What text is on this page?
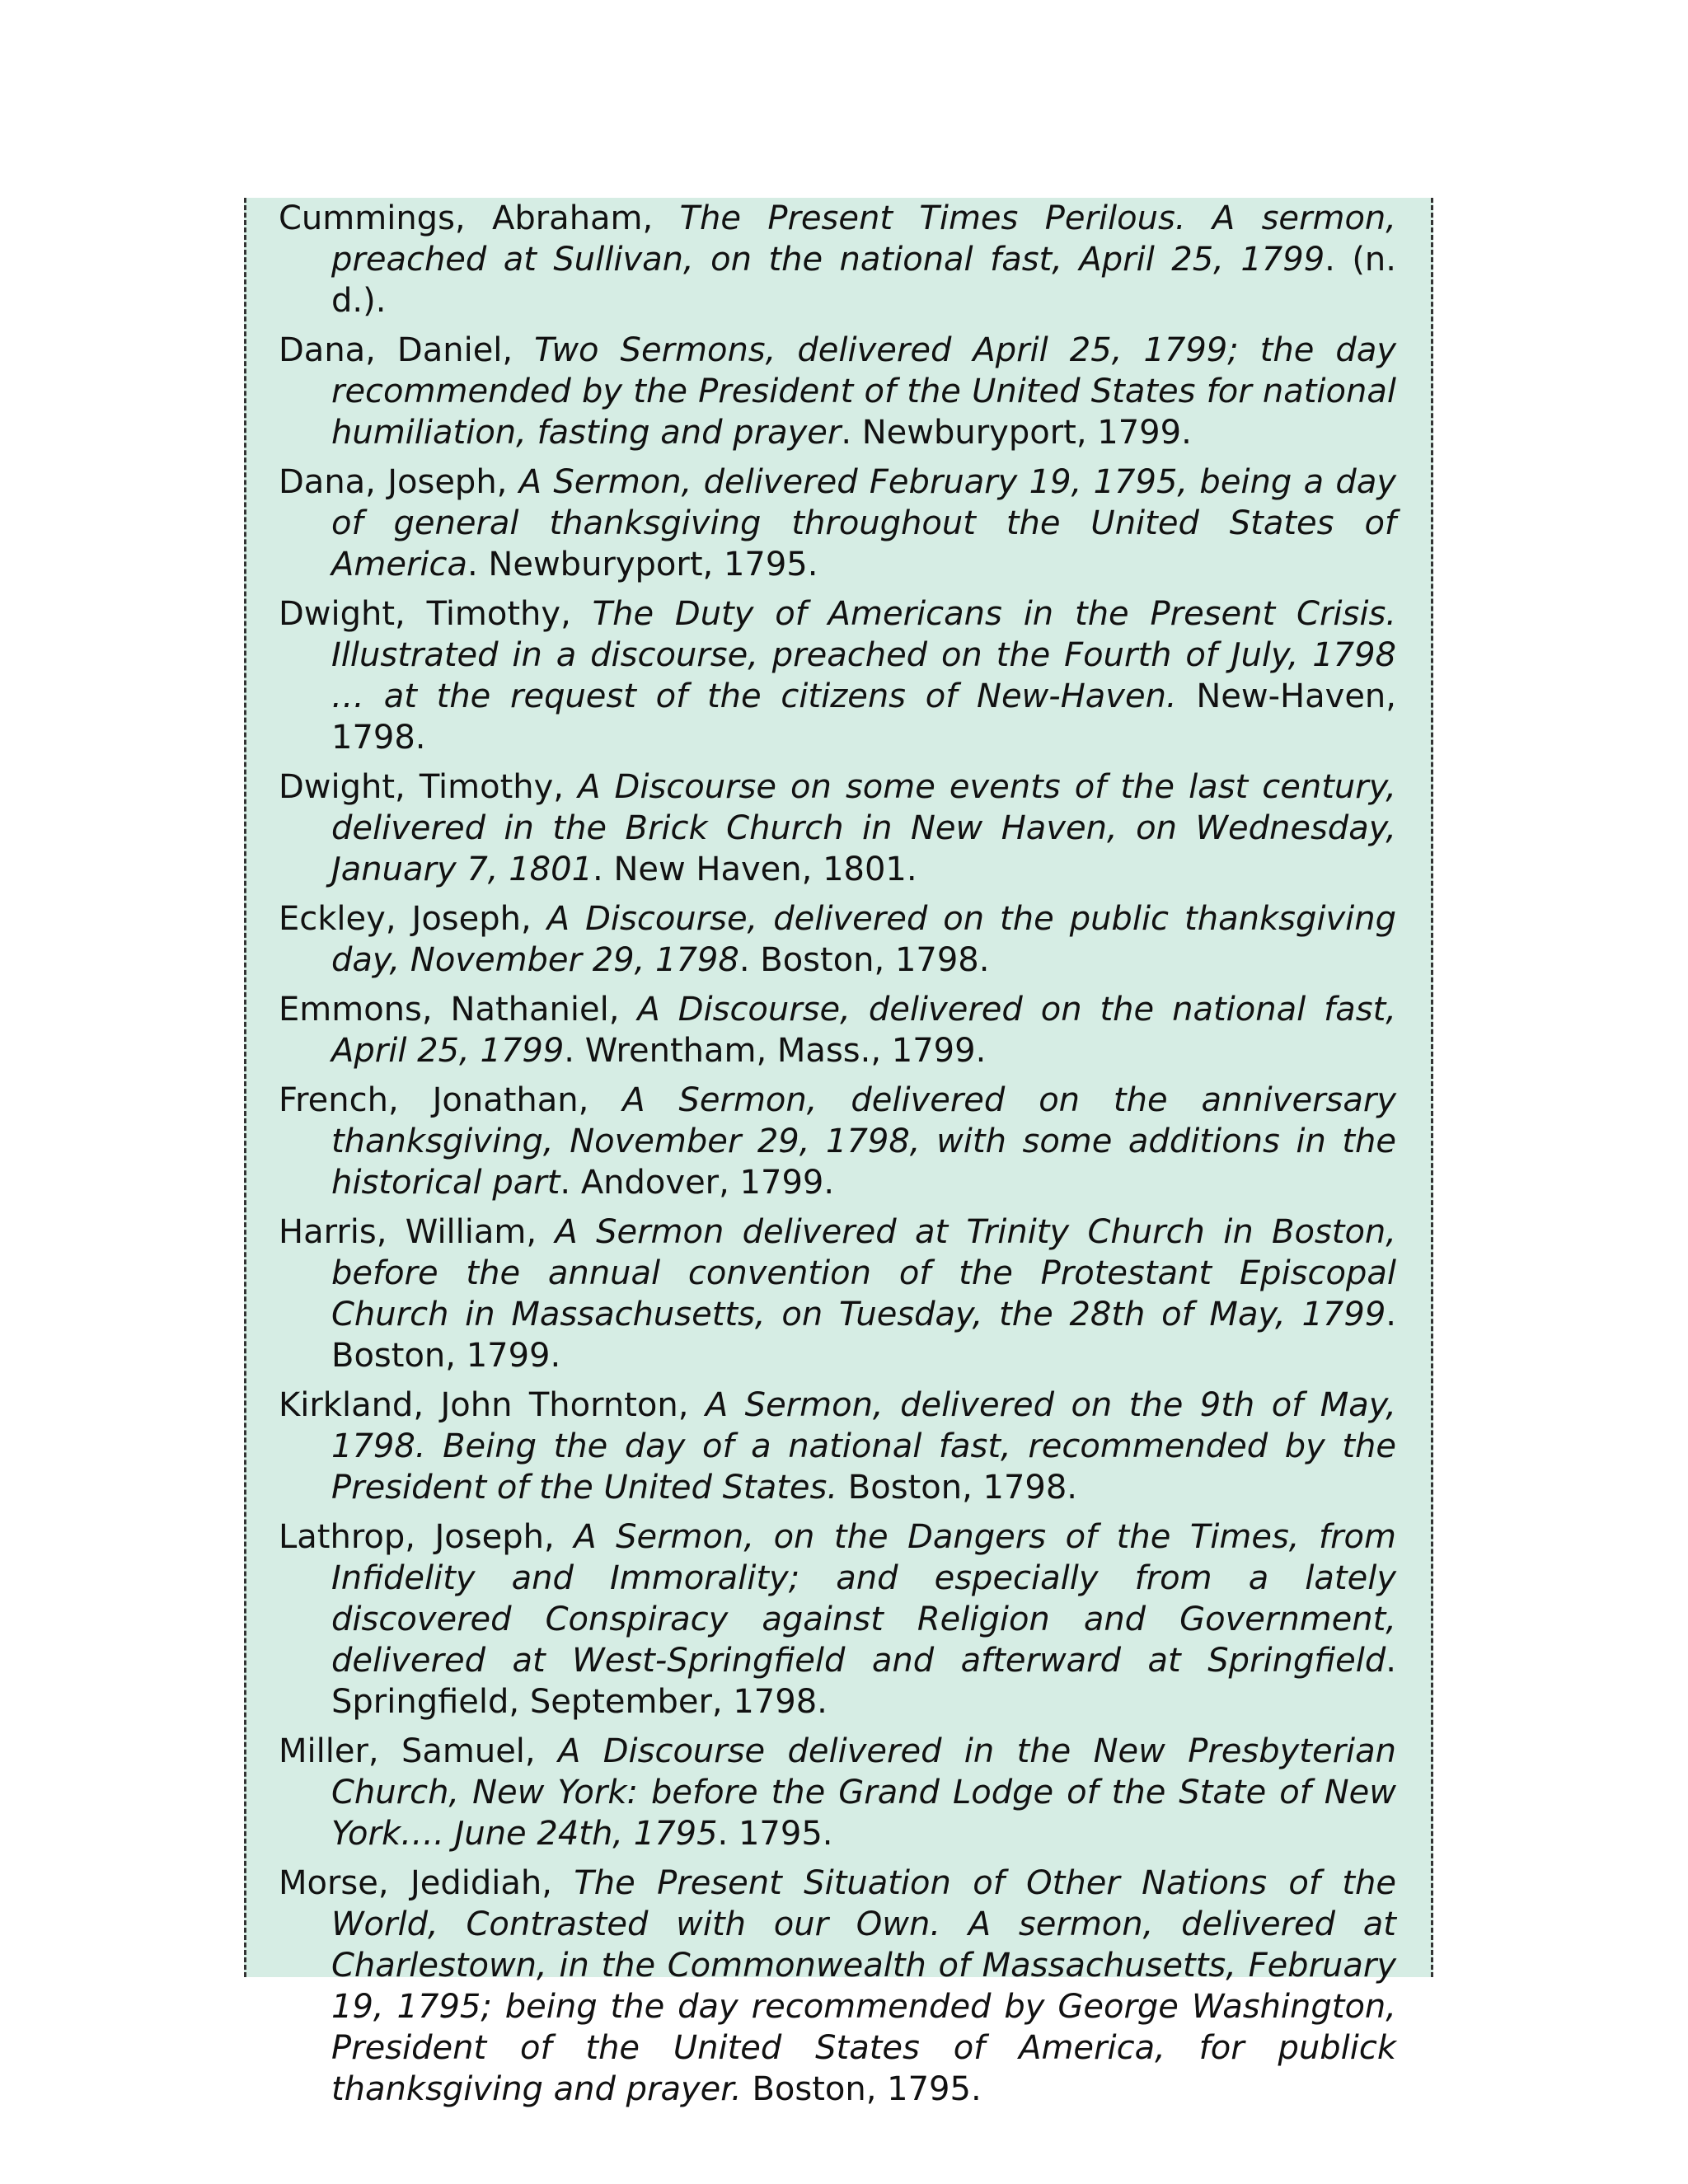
Cummings, Abraham, The Present Times Perilous. A sermon, preached at Sullivan, on the national fast, April 25, 1799. (n. d.).
Dana, Daniel, Two Sermons, delivered April 25, 1799; the day recommended by the President of the United States for national humiliation, fasting and prayer. Newburyport, 1799.
Dana, Joseph, A Sermon, delivered February 19, 1795, being a day of general thanksgiving throughout the United States of America. Newburyport, 1795.
Dwight, Timothy, The Duty of Americans in the Present Crisis. Illustrated in a discourse, preached on the Fourth of July, 1798 … at the request of the citizens of New-Haven. New-Haven, 1798.
Dwight, Timothy, A Discourse on some events of the last century, delivered in the Brick Church in New Haven, on Wednesday, January 7, 1801. New Haven, 1801.
Eckley, Joseph, A Discourse, delivered on the public thanksgiving day, November 29, 1798. Boston, 1798.
Emmons, Nathaniel, A Discourse, delivered on the national fast, April 25, 1799. Wrentham, Mass., 1799.
French, Jonathan, A Sermon, delivered on the anniversary thanksgiving, November 29, 1798, with some additions in the historical part. Andover, 1799.
Harris, William, A Sermon delivered at Trinity Church in Boston, before the annual convention of the Protestant Episcopal Church in Massachusetts, on Tuesday, the 28th of May, 1799. Boston, 1799.
Kirkland, John Thornton, A Sermon, delivered on the 9th of May, 1798. Being the day of a national fast, recommended by the President of the United States. Boston, 1798.
Lathrop, Joseph, A Sermon, on the Dangers of the Times, from Infidelity and Immorality; and especially from a lately discovered Conspiracy against Religion and Government, delivered at West-Springfield and afterward at Springfield. Springfield, September, 1798.
Miller, Samuel, A Discourse delivered in the New Presbyterian Church, New York: before the Grand Lodge of the State of New York…. June 24th, 1795. 1795.
Morse, Jedidiah, The Present Situation of Other Nations of the World, Contrasted with our Own. A sermon, delivered at Charlestown, in the Commonwealth of Massachusetts, February 19, 1795; being the day recommended by George Washington, President of the United States of America, for publick thanksgiving and prayer. Boston, 1795.
